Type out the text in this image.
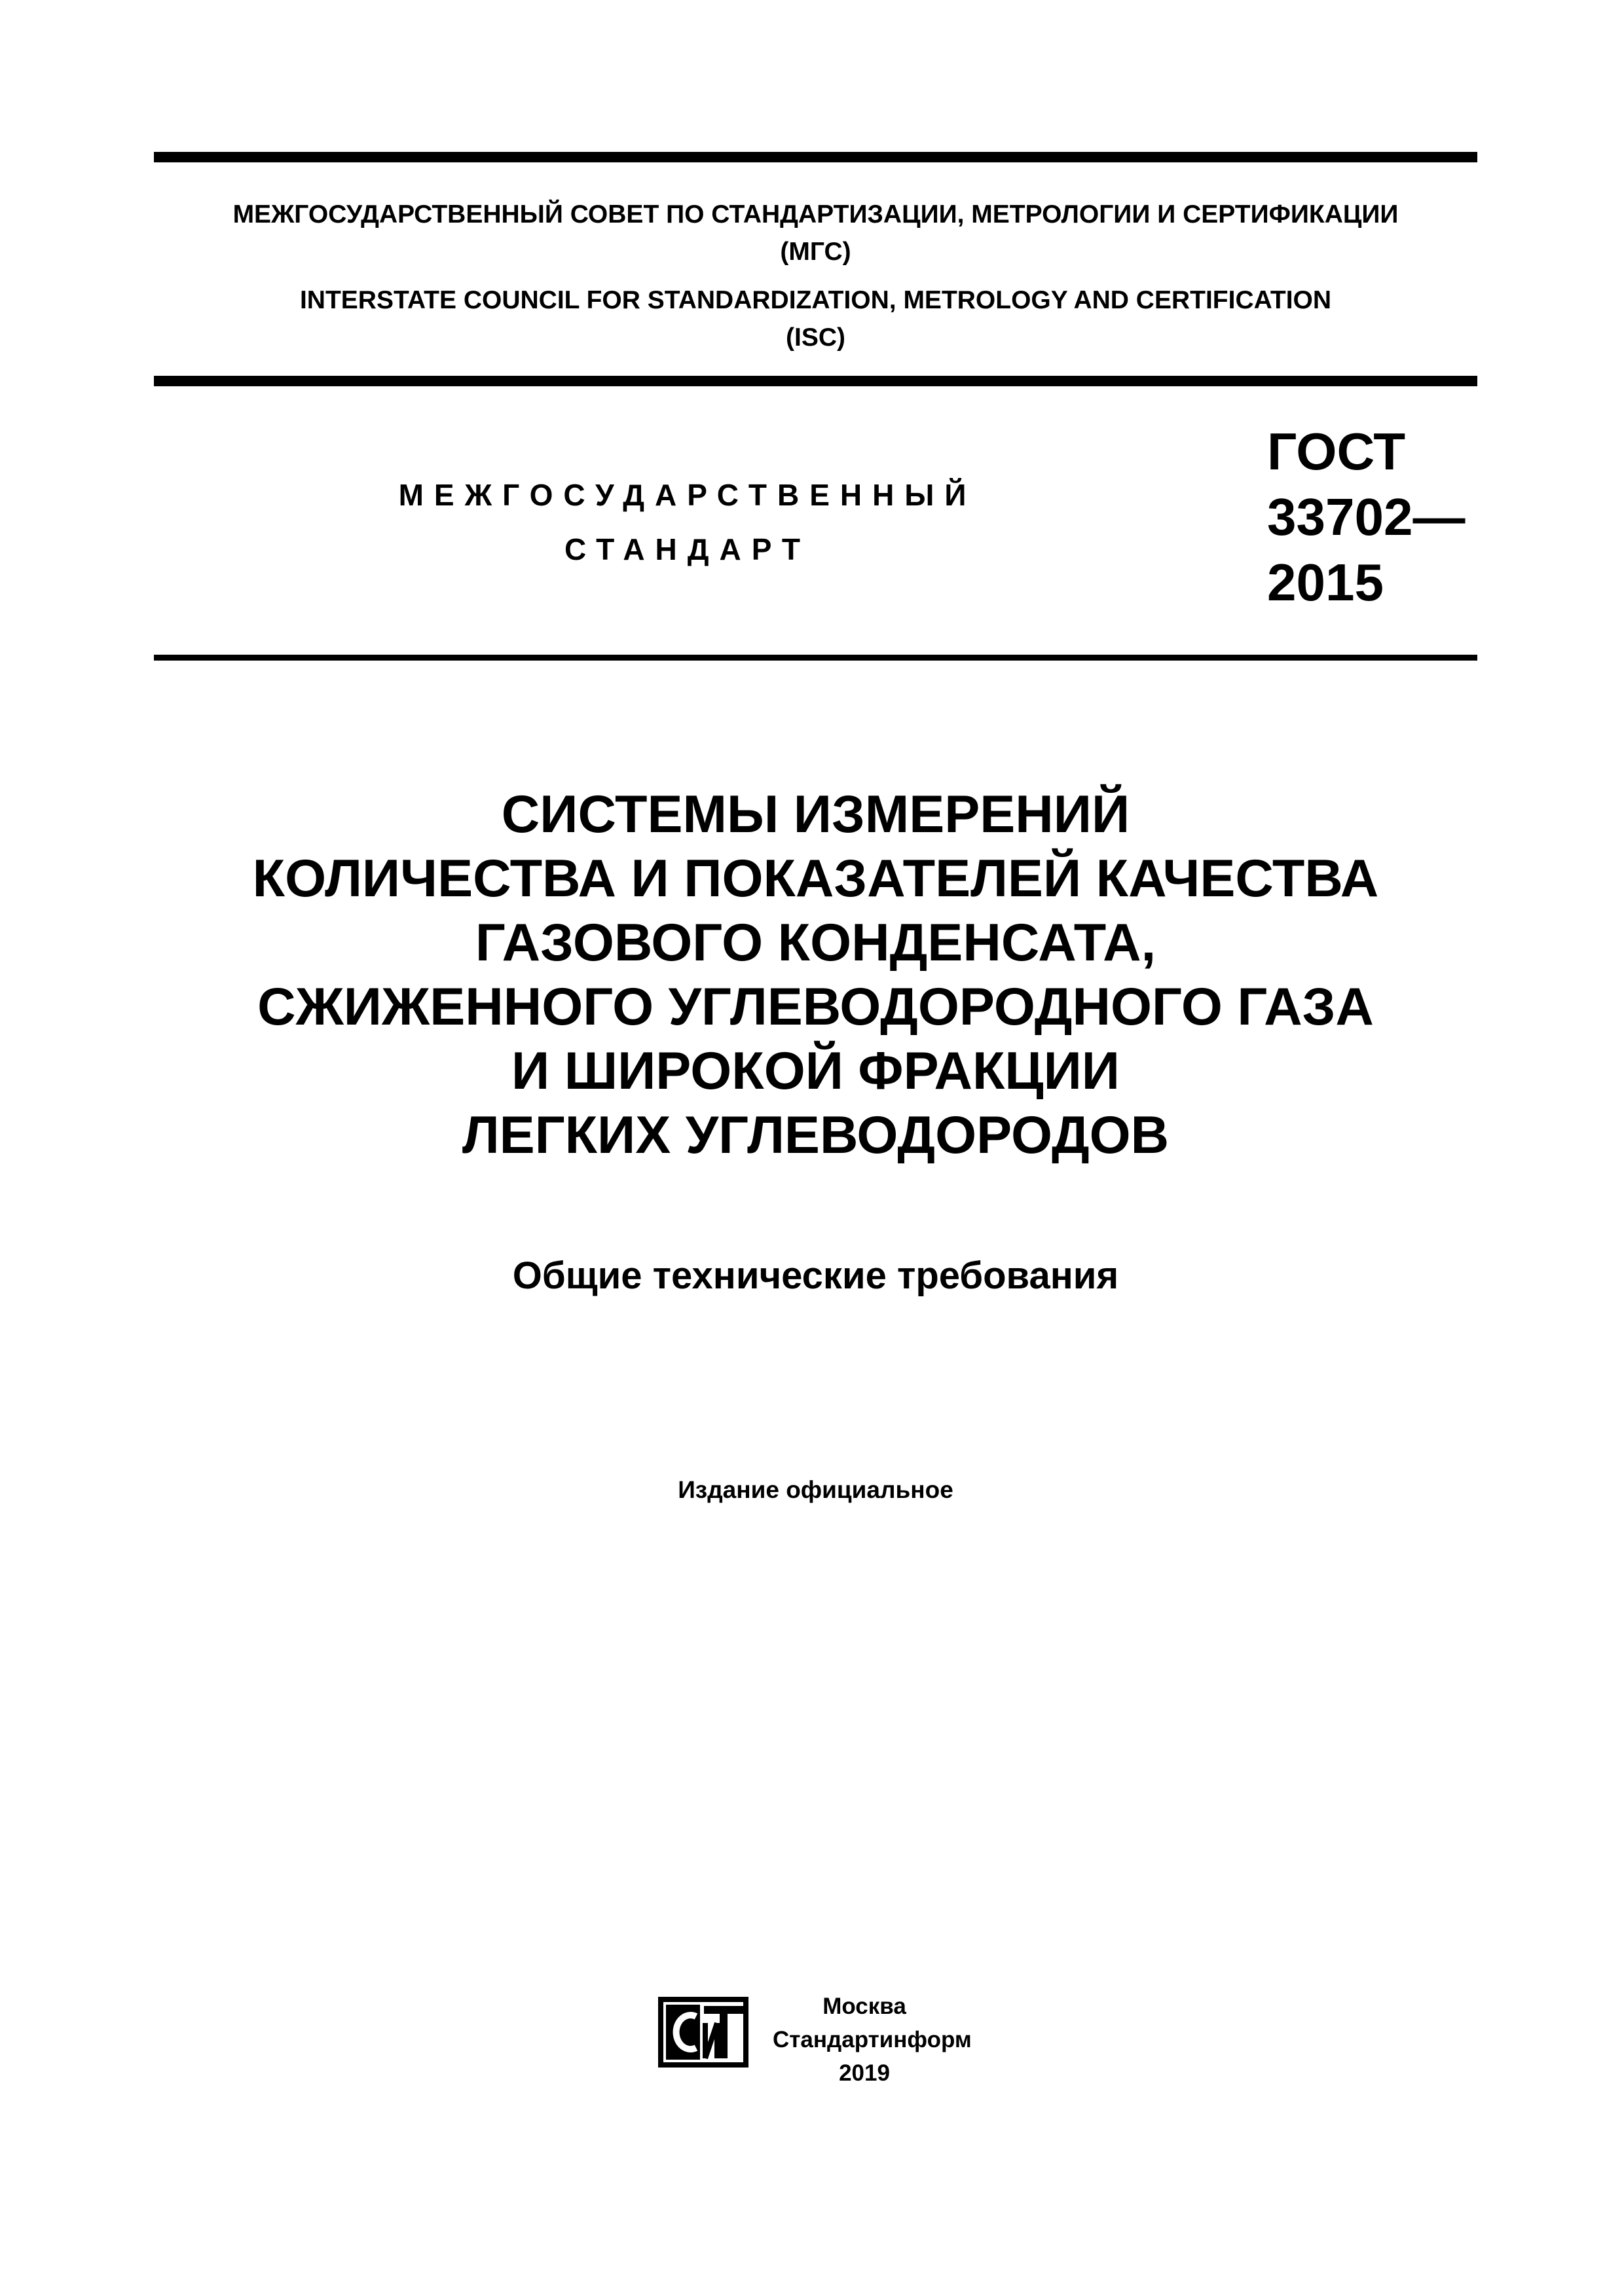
МЕЖГОСУДАРСТВЕННЫЙ СОВЕТ ПО СТАНДАРТИЗАЦИИ, МЕТРОЛОГИИ И СЕРТИФИКАЦИИ
(МГС)
INTERSTATE COUNCIL FOR STANDARDIZATION, METROLOGY AND CERTIFICATION
(ISC)
МЕЖГОСУДАРСТВЕННЫЙ
СТАНДАРТ
ГОСТ
33702—
2015
СИСТЕМЫ ИЗМЕРЕНИЙ
КОЛИЧЕСТВА И ПОКАЗАТЕЛЕЙ КАЧЕСТВА
ГАЗОВОГО КОНДЕНСАТА,
СЖИЖЕННОГО УГЛЕВОДОРОДНОГО ГАЗА
И ШИРОКОЙ ФРАКЦИИ
ЛЕГКИХ УГЛЕВОДОРОДОВ
Общие технические требования
Издание официальное
Москва
Стандартинформ
2019
